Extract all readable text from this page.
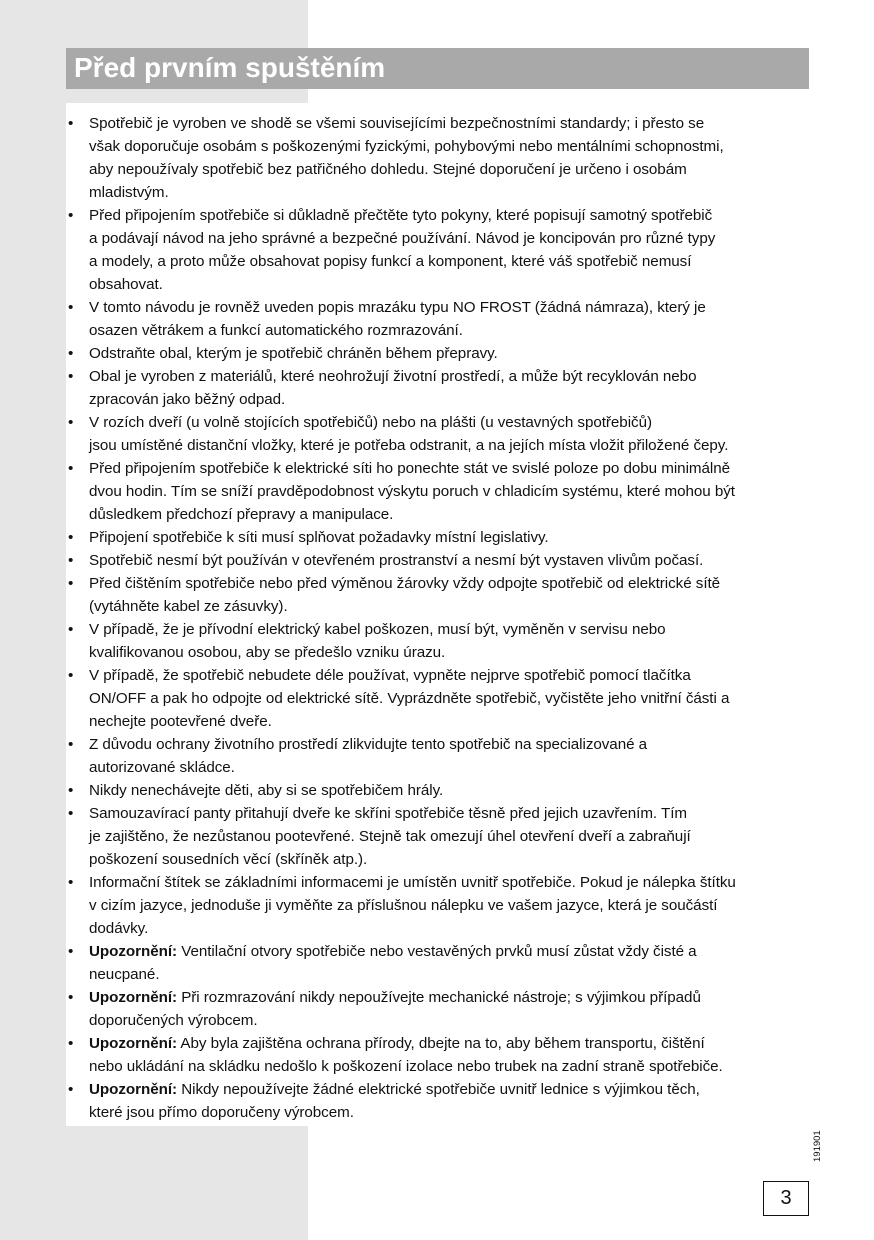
Před prvním spuštěním
•	Spotřebič je vyroben ve shodě se všemi souvisejícími bezpečnostními standardy; i přesto se
však doporučuje osobám s poškozenými fyzickými, pohybovými nebo mentálními schopnostmi,
aby nepoužívaly spotřebič bez patřičného dohledu. Stejné doporučení je určeno i osobám
mladistvým.
•	Před připojením spotřebiče si důkladně přečtěte tyto pokyny, které popisují samotný spotřebič
a podávají návod na jeho správné a bezpečné používání. Návod je koncipován pro různé typy
a modely, a proto může obsahovat popisy funkcí a komponent, které váš spotřebič nemusí
obsahovat.
•	V tomto návodu je rovněž uveden popis mrazáku typu NO FROST (žádná námraza), který je
osazen větrákem a funkcí automatického rozmrazování.
•	Odstraňte obal, kterým je spotřebič chráněn během přepravy.
•	Obal je vyroben z materiálů, které neohrožují životní prostředí, a může být recyklován nebo
zpracován jako běžný odpad.
•	V rozích dveří (u volně stojících spotřebičů) nebo na plášti (u vestavných spotřebičů)
jsou umístěné distanční vložky, které je potřeba odstranit, a na jejích místa vložit přiložené čepy.
•	Před připojením spotřebiče k elektrické síti ho ponechte stát ve svislé poloze po dobu minimálně
dvou hodin. Tím se sníží pravděpodobnost výskytu poruch v chladicím systému, které mohou být
důsledkem předchozí přepravy a manipulace.
•	Připojení spotřebiče k síti musí splňovat požadavky místní legislativy.
•	Spotřebič nesmí být používán v otevřeném prostranství a nesmí být vystaven vlivům počasí.
•	Před čištěním spotřebiče nebo před výměnou žárovky vždy odpojte spotřebič od elektrické sítě
(vytáhněte kabel ze zásuvky).
•	V případě, že je přívodní elektrický kabel poškozen, musí být, vyměněn v servisu nebo
kvalifikovanou osobou, aby se předešlo vzniku úrazu.
•	V případě, že spotřebič nebudete déle používat, vypněte nejprve spotřebič pomocí tlačítka
ON/OFF a pak ho odpojte od elektrické sítě. Vyprázdněte spotřebič, vyčistěte jeho vnitřní části a
nechejte pootevřené dveře.
•	Z důvodu ochrany životního prostředí zlikvidujte tento spotřebič na specializované a
autorizované skládce.
•	Nikdy nenechávejte děti, aby si se spotřebičem hrály.
•	Samouzavírací panty přitahují dveře ke skříni spotřebiče těsně před jejich uzavřením. Tím
je zajištěno, že nezůstanou pootevřené. Stejně tak omezují úhel otevření dveří a zabraňují
poškození sousedních věcí (skříněk atp.).
•	Informační štítek se základními informacemi je umístěn uvnitř spotřebiče. Pokud je nálepka štítku
v cizím jazyce, jednoduše ji vyměňte za příslušnou nálepku ve vašem jazyce, která je součástí
dodávky.
•	Upozornění: Ventilační otvory spotřebiče nebo vestavěných prvků musí zůstat vždy čisté a
neucpané.
•	Upozornění: Při rozmrazování nikdy nepoužívejte mechanické nástroje; s výjimkou případů
doporučených výrobcem.
•	Upozornění: Aby byla zajištěna ochrana přírody, dbejte na to, aby během transportu, čištění
nebo ukládání na skládku nedošlo k poškození izolace nebo trubek na zadní straně spotřebiče.
•	Upozornění: Nikdy nepoužívejte žádné elektrické spotřebiče uvnitř lednice s výjimkou těch,
které jsou přímo doporučeny výrobcem.
191901
3
